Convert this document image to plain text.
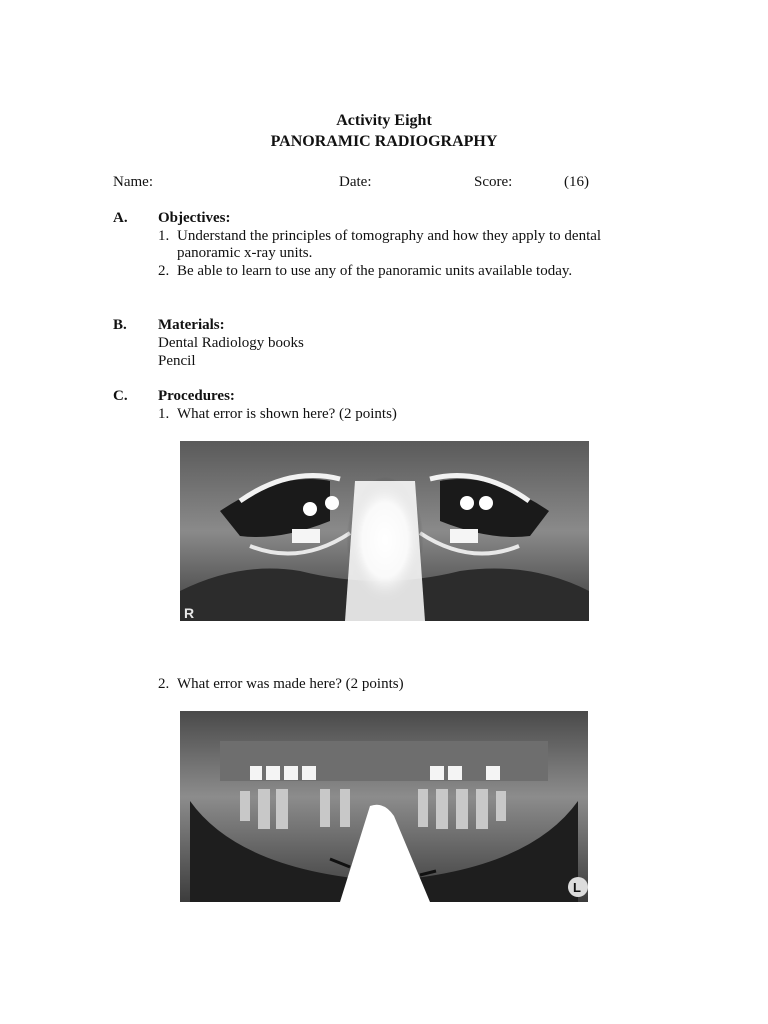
Activity Eight
PANORAMIC RADIOGRAPHY
Name:	Date:	Score:	(16)
A. Objectives:
1. Understand the principles of tomography and how they apply to dental
panoramic x-ray units.
2. Be able to learn to use any of the panoramic units available today.
B. Materials:
Dental Radiology books
Pencil
C. Procedures:
1. What error is shown here? (2 points)
R
2. What error was made here? (2 points)
L
